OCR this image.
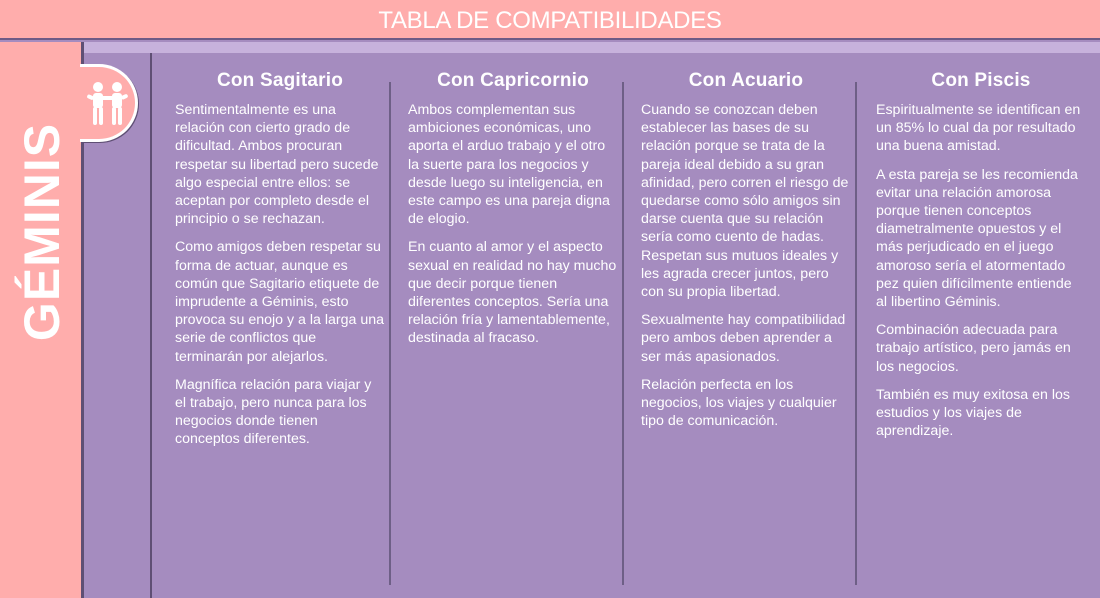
TABLA DE COMPATIBILIDADES
GÉMINIS
Con Sagitario

Sentimentalmente es una relación con cierto grado de dificultad. Ambos procuran respetar su libertad pero sucede algo especial entre ellos: se aceptan por completo desde el principio o se rechazan.

Como amigos deben respetar su forma de actuar, aunque es común que Sagitario etiquete de imprudente a Géminis, esto provoca su enojo y a la larga una serie de conflictos que terminarán por alejarlos.

Magnífica relación para viajar y el trabajo, pero nunca para los negocios donde tienen conceptos diferentes.

Con Capricornio

Ambos complementan sus ambiciones económicas, uno aporta el arduo trabajo y el otro la suerte para los negocios y desde luego su inteligencia, en este campo es una pareja digna de elogio.

En cuanto al amor y el aspecto sexual en realidad no hay mucho que decir porque tienen diferentes conceptos. Sería una relación fría y lamentablemente, destinada al fracaso.

Con Acuario

Cuando se conozcan deben establecer las bases de su relación porque se trata de la pareja ideal debido a su gran afinidad, pero corren el riesgo de quedarse como sólo amigos sin darse cuenta que su relación sería como cuento de hadas. Respetan sus mutuos ideales y les agrada crecer juntos, pero con su propia libertad.

Sexualmente hay compatibilidad pero ambos deben aprender a ser más apasionados.

Relación perfecta en los negocios, los viajes y cualquier tipo de comunicación.

Con Piscis

Espiritualmente se identifican en un 85% lo cual da por resultado una buena amistad.

A esta pareja se les recomienda evitar una relación amorosa porque tienen conceptos diametralmente opuestos y el más perjudicado en el juego amoroso sería el atormentado pez quien difícilmente entiende al libertino Géminis.

Combinación adecuada para trabajo artístico, pero jamás en los negocios.

También es muy exitosa en los estudios y los viajes de aprendizaje.
